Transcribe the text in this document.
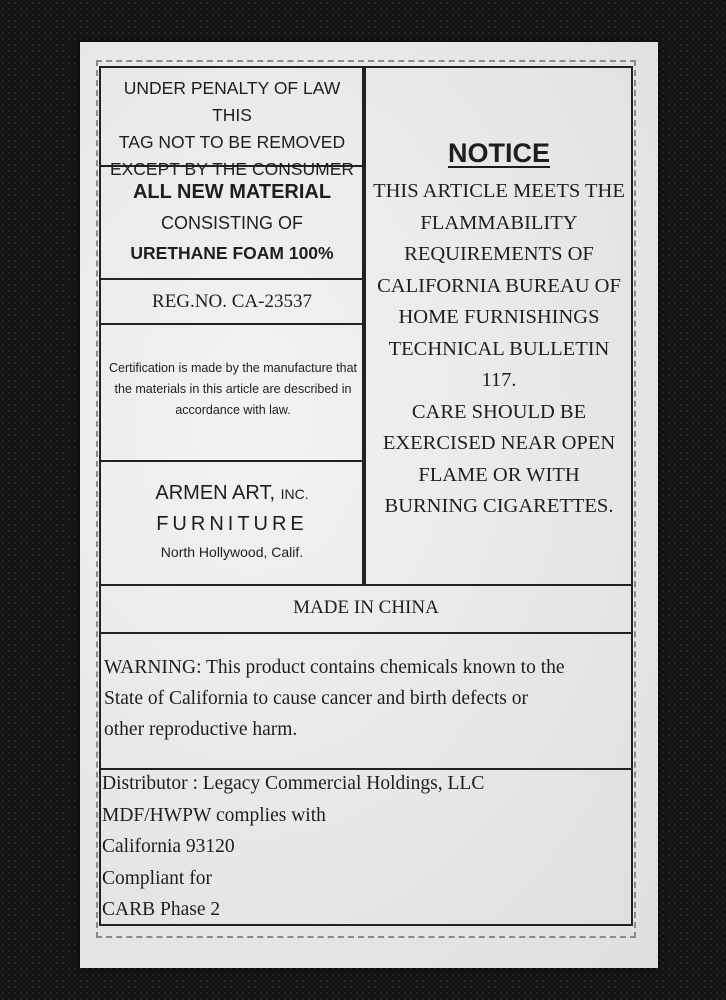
UNDER PENALTY OF LAW THIS
TAG NOT TO BE REMOVED
EXCEPT BY THE CONSUMER
ALL NEW MATERIAL
CONSISTING OF
URETHANE FOAM 100%
REG.NO. CA-23537
Certification is made by the manufacture that
the materials in this article are described in
accordance with law.
ARMEN ART, INC.
FURNITURE
North Hollywood, Calif.
NOTICE
THIS ARTICLE MEETS THE
FLAMMABILITY
REQUIREMENTS OF
CALIFORNIA BUREAU OF
HOME FURNISHINGS
TECHNICAL BULLETIN
117.
CARE SHOULD BE
EXERCISED NEAR OPEN
FLAME OR WITH
BURNING CIGARETTES.
MADE IN CHINA
WARNING: This product contains chemicals known to the
State of California to cause cancer and birth defects or
other reproductive harm.
Distributor : Legacy Commercial Holdings, LLC
MDF/HWPW complies with
California 93120
Compliant for
CARB Phase 2
